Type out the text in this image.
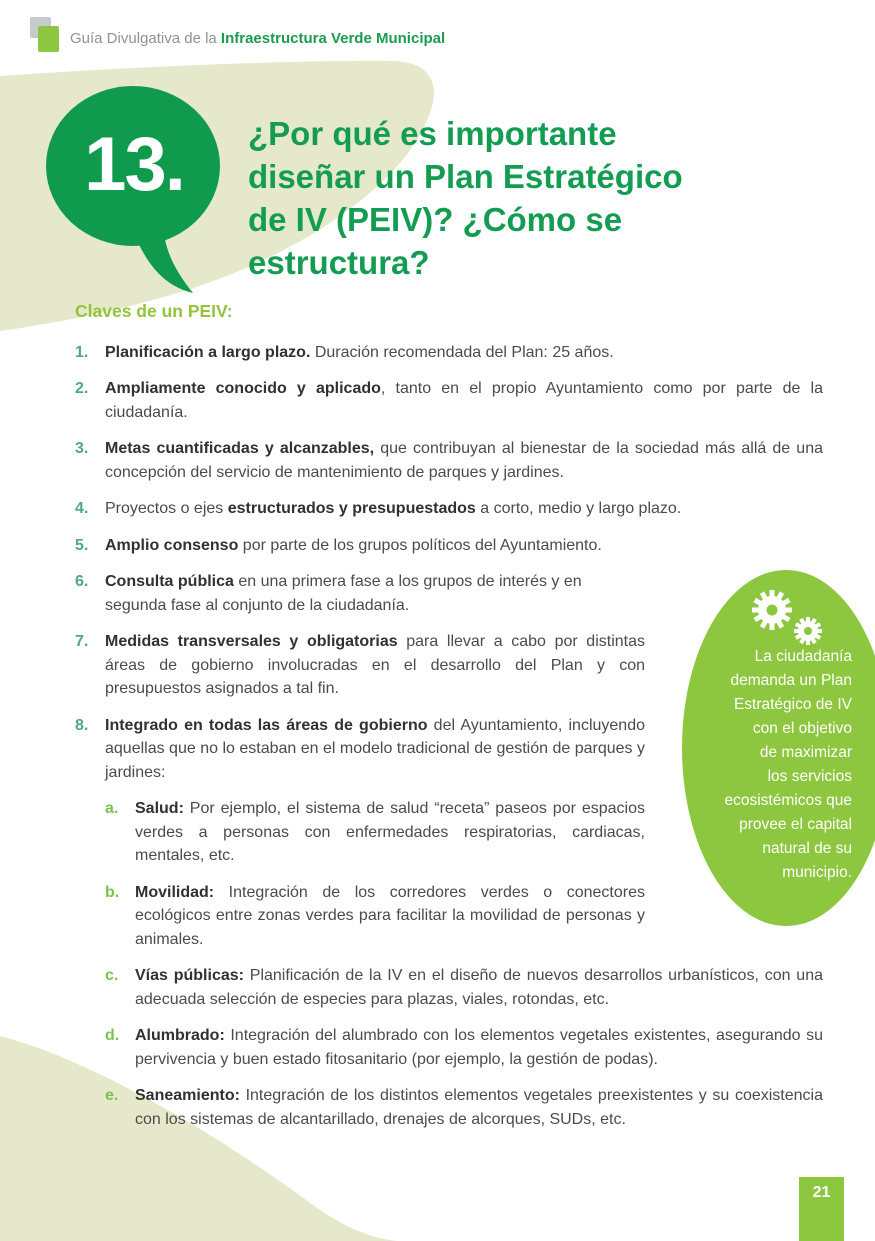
Guía Divulgativa de la Infraestructura Verde Municipal
13.	¿Por qué es importante
diseñar un Plan Estratégico
de IV (PEIV)? ¿Cómo se
estructura?
Claves de un PEIV:
1.	Planificación a largo plazo. Duración recomendada del Plan: 25 años.

2.	Ampliamente conocido y aplicado, tanto en el propio Ayuntamiento como por parte de la ciudadanía.

3.	Metas cuantificadas y alcanzables, que contribuyan al bienestar de la sociedad más allá de una concepción del servicio de mantenimiento de parques y jardines.

4.	Proyectos o ejes estructurados y presupuestados a corto, medio y largo plazo.

5.	Amplio consenso por parte de los grupos políticos del Ayuntamiento.

6.	Consulta pública en una primera fase a los grupos de interés y en segunda fase al conjunto de la ciudadanía.

7.	Medidas transversales y obligatorias para llevar a cabo por distintas áreas de gobierno involucradas en el desarrollo del Plan y con presupuestos asignados a tal fin.

8.	Integrado en todas las áreas de gobierno del Ayuntamiento, incluyendo aquellas que no lo estaban en el modelo tradicional de gestión de parques y jardines:

a.	Salud: Por ejemplo, el sistema de salud “receta” paseos por espacios verdes a personas con enfermedades respiratorias, cardiacas, mentales, etc.

b. Movilidad: Integración de los corredores verdes o conectores ecológicos entre zonas verdes para facilitar la movilidad de personas y animales.

c.	Vías públicas: Planificación de la IV en el diseño de nuevos desarrollos urbanísticos, con una adecuada selección de especies para plazas, viales, rotondas, etc.

d. Alumbrado: Integración del alumbrado con los elementos vegetales existentes, asegurando su pervivencia y buen estado fitosanitario (por ejemplo, la gestión de podas).

e.	Saneamiento: Integración de los distintos elementos vegetales preexistentes y su coexistencia con los sistemas de alcantarillado, drenajes de alcorques, SUDs, etc.

La ciudadanía
demanda un Plan
Estratégico de IV
con el objetivo
de maximizar
los servicios
ecosistémicos que
provee el capital
natural de su
municipio.
21
